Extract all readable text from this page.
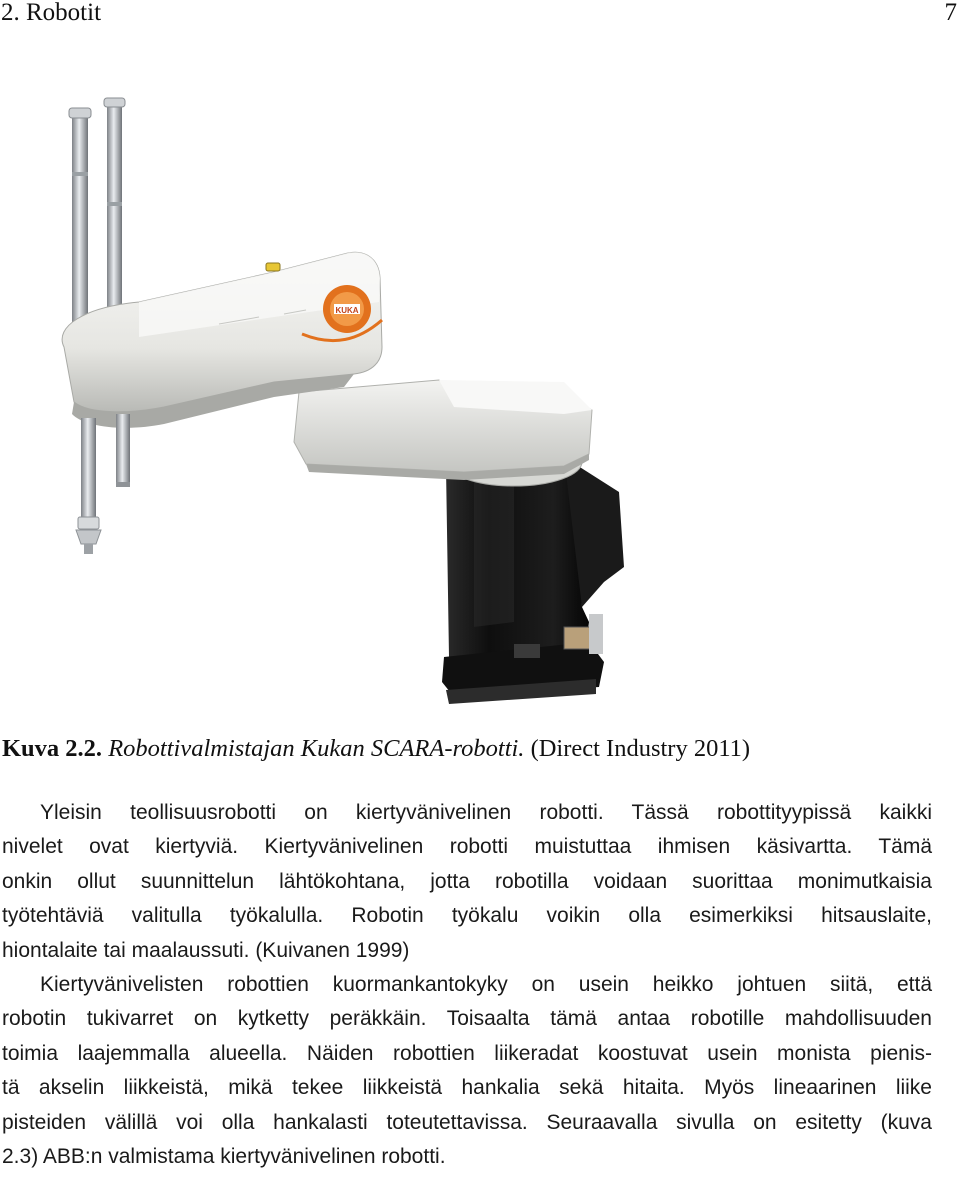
2. Robotit	7
KUKA
Kuva 2.2. Robottivalmistajan Kukan SCARA-robotti. (Direct Industry 2011)
Yleisin teollisuusrobotti on kiertyvänivelinen robotti. Tässä robottityypissä kaikki
nivelet ovat kiertyviä. Kiertyvänivelinen robotti muistuttaa ihmisen käsivartta. Tämä
onkin ollut suunnittelun lähtökohtana, jotta robotilla voidaan suorittaa monimutkaisia
työtehtäviä valitulla työkalulla. Robotin työkalu voikin olla esimerkiksi hitsauslaite,
hiontalaite tai maalaussuti. (Kuivanen 1999)
Kiertyvänivelisten robottien kuormankantokyky on usein heikko johtuen siitä, että
robotin tukivarret on kytketty peräkkäin. Toisaalta tämä antaa robotille mahdollisuuden
toimia laajemmalla alueella. Näiden robottien liikeradat koostuvat usein monista pienis-
tä akselin liikkeistä, mikä tekee liikkeistä hankalia sekä hitaita. Myös lineaarinen liike
pisteiden välillä voi olla hankalasti toteutettavissa. Seuraavalla sivulla on esitetty (kuva
2.3) ABB:n valmistama kiertyvänivelinen robotti.
